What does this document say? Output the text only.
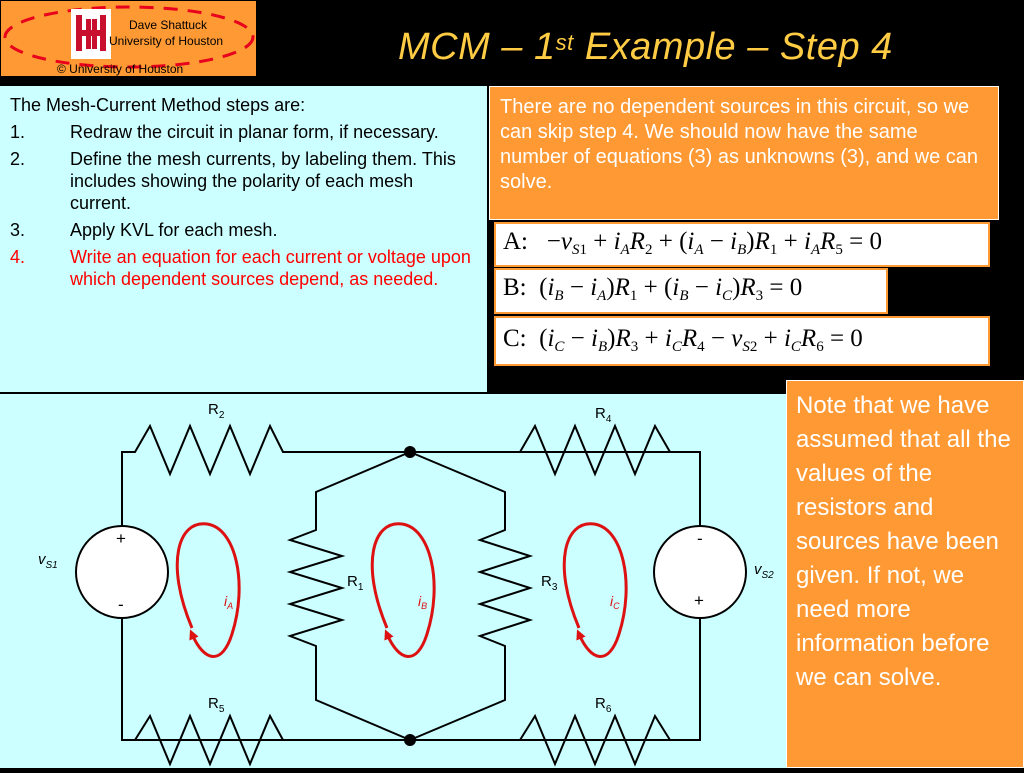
Dave Shattuck
University of Houston
© University of Houston
MCM – 1st Example – Step 4
The Mesh-Current Method steps are:
1.	Redraw the circuit in planar form, if necessary.
2.	Define the mesh currents, by labeling them. This includes showing the polarity of each mesh current.
3.	Apply KVL for each mesh.
4.	Write an equation for each current or voltage upon which dependent sources depend, as needed.
There are no dependent sources in this circuit, so we can skip step 4. We should now have the same number of equations (3) as unknowns (3), and we can solve.
A:   $-v_{S1} + i_AR_2 + (i_A - i_B)R_1 + i_AR_5 = 0$
B:  $(i_B - i_A)R_1 + (i_B - i_C)R_3 = 0$
C:  $(i_C - i_B)R_3 + i_CR_4 - v_{S2} + i_CR_6 = 0$
$R_2$	$R_4$
$R_1$	$R_3$
$R_5$	$R_6$
$v_{S1}$	$v_{S2}$
+
-
-
+
$i_A$	$i_B$	$i_C$
Note that we have assumed that all the values of the resistors and sources have been given. If not, we need more information before we can solve.
